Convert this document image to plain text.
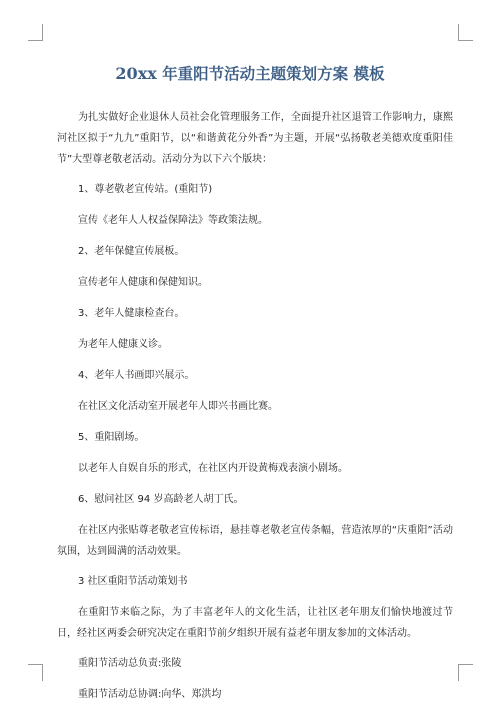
20xx 年重阳节活动主题策划方案 模板

为扎实做好企业退休人员社会化管理服务工作，全面提升社区退管工作影响力，康熙河社区拟于“九九”重阳节，以“和谐黄花分外香”为主题，开展“弘扬敬老美德欢度重阳佳节”大型尊老敬老活动。活动分为以下六个版块：

1、尊老敬老宣传站。(重阳节)

宣传《老年人人权益保障法》等政策法规。

2、老年保健宣传展板。

宣传老年人健康和保健知识。

3、老年人健康检查台。

为老年人健康义诊。

4、老年人书画即兴展示。

在社区文化活动室开展老年人即兴书画比赛。

5、重阳剧场。

以老年人自娱自乐的形式，在社区内开设黄梅戏表演小剧场。

6、慰问社区 94 岁高龄老人胡丁氏。

在社区内张贴尊老敬老宣传标语，悬挂尊老敬老宣传条幅，营造浓厚的“庆重阳”活动氛围，达到圆满的活动效果。

3 社区重阳节活动策划书

在重阳节来临之际，为了丰富老年人的文化生活，让社区老年朋友们愉快地渡过节日，经社区两委会研究决定在重阳节前夕组织开展有益老年朋友参加的文体活动。

重阳节活动总负责:张陵

重阳节活动总协调:向华、郑洪均
